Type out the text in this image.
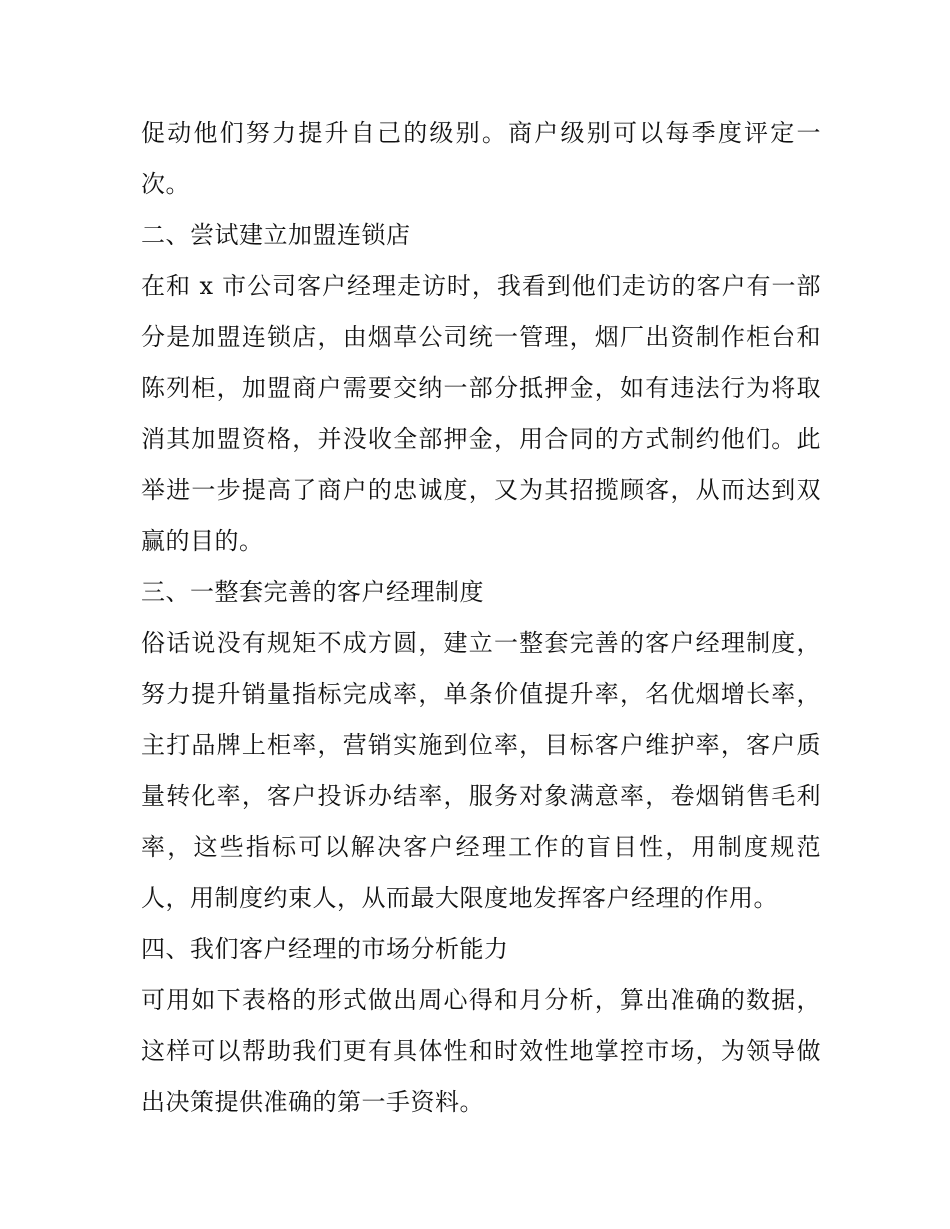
促动他们努力提升自己的级别。商户级别可以每季度评定一次。

二、尝试建立加盟连锁店

在和 x 市公司客户经理走访时，我看到他们走访的客户有一部分是加盟连锁店，由烟草公司统一管理，烟厂出资制作柜台和陈列柜，加盟商户需要交纳一部分抵押金，如有违法行为将取消其加盟资格，并没收全部押金，用合同的方式制约他们。此举进一步提高了商户的忠诚度，又为其招揽顾客，从而达到双赢的目的。

三、一整套完善的客户经理制度

俗话说没有规矩不成方圆，建立一整套完善的客户经理制度，努力提升销量指标完成率，单条价值提升率，名优烟增长率，主打品牌上柜率，营销实施到位率，目标客户维护率，客户质量转化率，客户投诉办结率，服务对象满意率，卷烟销售毛利率，这些指标可以解决客户经理工作的盲目性，用制度规范人，用制度约束人，从而最大限度地发挥客户经理的作用。

四、我们客户经理的市场分析能力

可用如下表格的形式做出周心得和月分析，算出准确的数据，这样可以帮助我们更有具体性和时效性地掌控市场，为领导做出决策提供准确的第一手资料。
